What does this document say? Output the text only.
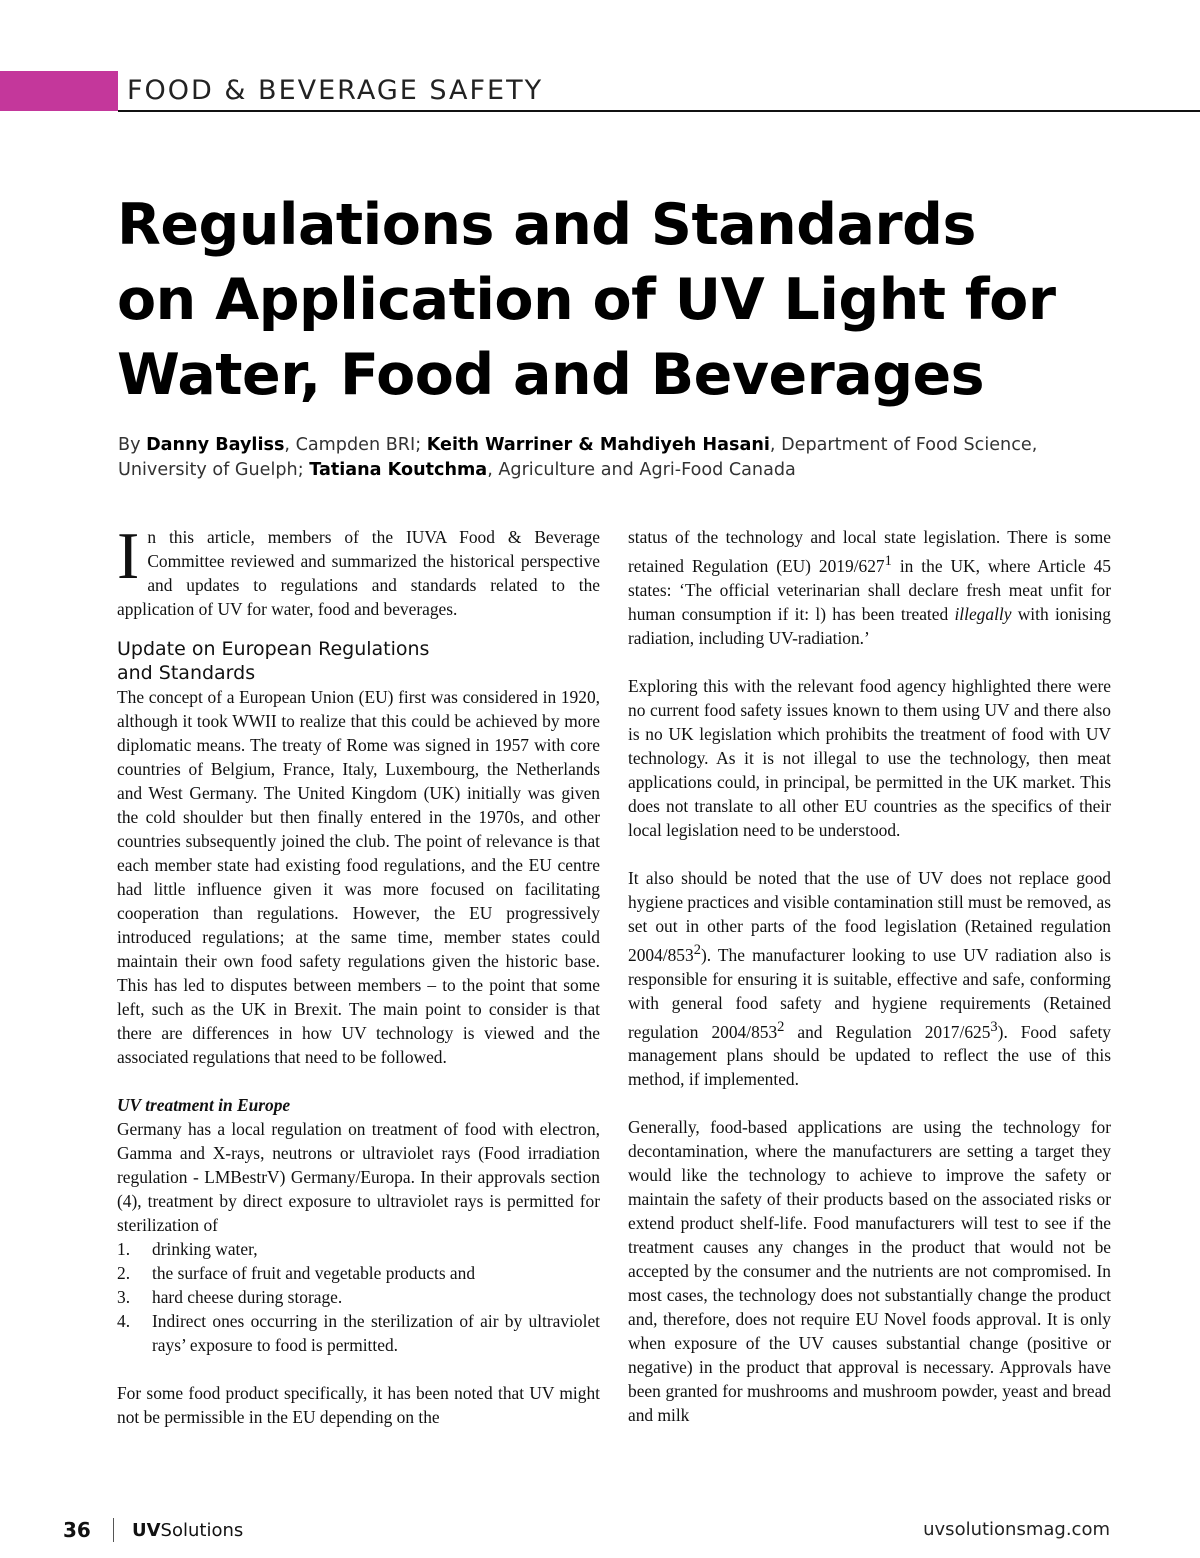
FOOD & BEVERAGE SAFETY
Regulations and Standards
on Application of UV Light for
Water, Food and Beverages
By Danny Bayliss, Campden BRI; Keith Warriner & Mahdiyeh Hasani, Department of Food Science, University of Guelph; Tatiana Koutchma, Agriculture and Agri-Food Canada

In this article, members of the IUVA Food & Beverage Committee reviewed and summarized the historical perspective and updates to regulations and standards related to the application of UV for water, food and beverages.

Update on European Regulations
and Standards

The concept of a European Union (EU) first was considered in 1920, although it took WWII to realize that this could be achieved by more diplomatic means. The treaty of Rome was signed in 1957 with core countries of Belgium, France, Italy, Luxembourg, the Netherlands and West Germany. The United Kingdom (UK) initially was given the cold shoulder but then finally entered in the 1970s, and other countries subsequently joined the club. The point of relevance is that each member state had existing food regulations, and the EU centre had little influence given it was more focused on facilitating cooperation than regulations. However, the EU progressively introduced regulations; at the same time, member states could maintain their own food safety regulations given the historic base. This has led to disputes between members – to the point that some left, such as the UK in Brexit. The main point to consider is that there are differences in how UV technology is viewed and the associated regulations that need to be followed.

UV treatment in Europe

Germany has a local regulation on treatment of food with electron, Gamma and X-rays, neutrons or ultraviolet rays (Food irradiation regulation - LMBestrV) Germany/Europa. In their approvals section (4), treatment by direct exposure to ultraviolet rays is permitted for sterilization of

1. drinking water,
2. the surface of fruit and vegetable products and
3. hard cheese during storage.
4. Indirect ones occurring in the sterilization of air by ultraviolet rays’ exposure to food is permitted.

For some food product specifically, it has been noted that UV might not be permissible in the EU depending on the

status of the technology and local state legislation. There is some retained Regulation (EU) $2019/627^1$ in the UK, where Article 45 states: ‘The official veterinarian shall declare fresh meat unfit for human consumption if it: l) has been treated illegally with ionising radiation, including UV-radiation.’

Exploring this with the relevant food agency highlighted there were no current food safety issues known to them using UV and there also is no UK legislation which prohibits the treatment of food with UV technology. As it is not illegal to use the technology, then meat applications could, in principal, be permitted in the UK market. This does not translate to all other EU countries as the specifics of their local legislation need to be understood.

It also should be noted that the use of UV does not replace good hygiene practices and visible contamination still must be removed, as set out in other parts of the food legislation (Retained regulation $2004/853^2$). The manufacturer looking to use UV radiation also is responsible for ensuring it is suitable, effective and safe, conforming with general food safety and hygiene requirements (Retained regulation $2004/853^2$ and Regulation $2017/625^3$). Food safety management plans should be updated to reflect the use of this method, if implemented.

Generally, food-based applications are using the technology for decontamination, where the manufacturers are setting a target they would like the technology to achieve to improve the safety or maintain the safety of their products based on the associated risks or extend product shelf-life. Food manufacturers will test to see if the treatment causes any changes in the product that would not be accepted by the consumer and the nutrients are not compromised. In most cases, the technology does not substantially change the product and, therefore, does not require EU Novel foods approval. It is only when exposure of the UV causes substantial change (positive or negative) in the product that approval is necessary. Approvals have been granted for mushrooms and mushroom powder, yeast and bread and milk

36 UVSolutions	uvsolutionsmag.com
